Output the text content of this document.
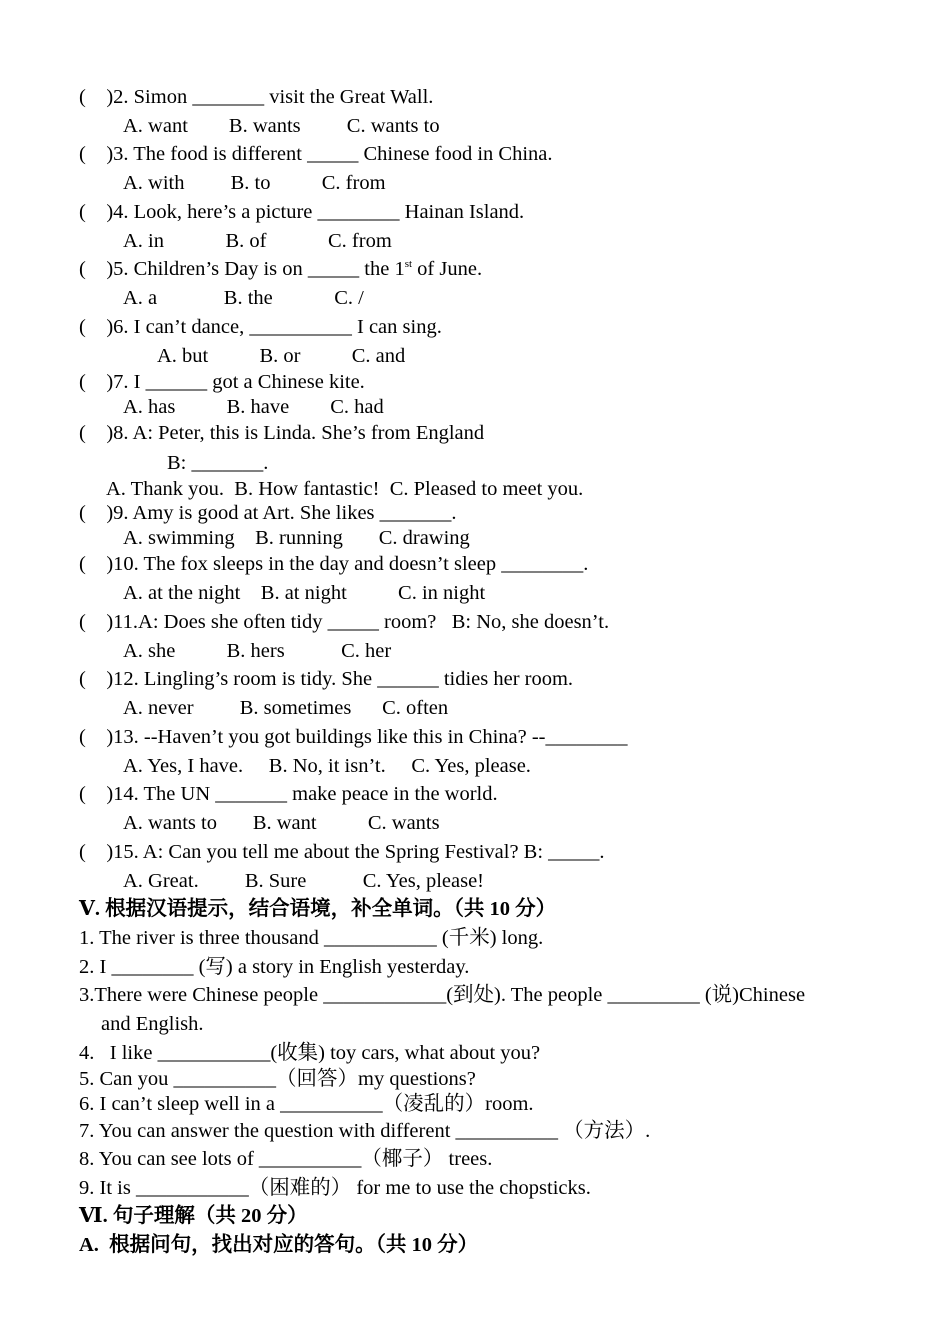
(    )2. Simon _______ visit the Great Wall.
A. want        B. wants         C. wants to
(    )3. The food is different _____ Chinese food in China.
A. with         B. to          C. from
(    )4. Look, here’s a picture ________ Hainan Island.
A. in            B. of            C. from
(    )5. Children’s Day is on _____ the 1st of June.
A. a             B. the            C. /
(    )6. I can’t dance, __________ I can sing.
A. but          B. or          C. and
(    )7. I ______ got a Chinese kite.
A. has          B. have        C. had
(    )8. A: Peter, this is Linda. She’s from England
B: _______.
A. Thank you.  B. How fantastic!  C. Pleased to meet you.
(    )9. Amy is good at Art. She likes _______.
A. swimming    B. running       C. drawing
(    )10. The fox sleeps in the day and doesn’t sleep ________.
A. at the night    B. at night          C. in night
(    )11.A: Does she often tidy _____ room?   B: No, she doesn’t.
A. she          B. hers           C. her
(    )12. Lingling’s room is tidy. She ______ tidies her room.
A. never         B. sometimes      C. often
(    )13. --Haven’t you got buildings like this in China? --________
A. Yes, I have.     B. No, it isn’t.     C. Yes, please.
(    )14. The UN _______ make peace in the world.
A. wants to       B. want          C. wants
(    )15. A: Can you tell me about the Spring Festival? B: _____.
A. Great.         B. Sure           C. Yes, please!
Ⅴ. 根据汉语提示，结合语境，补全单词。（共 10 分）
1. The river is three thousand ___________ (千米) long.
2. I ________ (写) a story in English yesterday.
3.There were Chinese people ____________(到处). The people _________ (说)Chinese
and English.
4.   I like ___________(收集) toy cars, what about you?
5. Can you __________（回答）my questions?
6. I can’t sleep well in a __________（凌乱的）room.
7. You can answer the question with different __________ （方法）.
8. You can see lots of __________（椰子） trees.
9. It is ___________（困难的） for me to use the chopsticks.
Ⅵ. 句子理解（共 20 分）
A.  根据问句，找出对应的答句。（共 10 分）
